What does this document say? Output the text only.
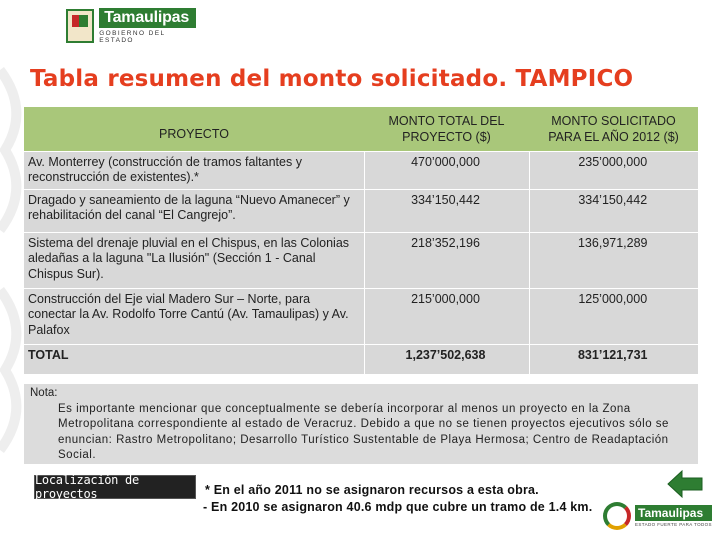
Tamaulipas
GOBIERNO DEL ESTADO
Tabla resumen del monto solicitado. TAMPICO
PROYECTO	MONTO TOTAL DEL PROYECTO ($)	MONTO SOLICITADO PARA EL AÑO 2012 ($)
Av. Monterrey (construcción de tramos faltantes y reconstrucción de existentes).*	470’000,000	235’000,000
Dragado y saneamiento de la laguna “Nuevo Amanecer” y rehabilitación del canal “El Cangrejo”.	334’150,442	334’150,442
Sistema del drenaje pluvial en el Chispus, en las Colonias aledañas a la laguna "La Ilusión" (Sección 1 - Canal Chispus Sur).	218’352,196	136,971,289
Construcción del Eje vial Madero Sur – Norte, para conectar la Av. Rodolfo Torre Cantú (Av. Tamaulipas) y Av. Palafox	215’000,000	125’000,000
TOTAL	1,237’502,638	831’121,731
Nota:
Es importante mencionar que conceptualmente se debería incorporar al menos un proyecto en la Zona Metropolitana correspondiente al estado de Veracruz. Debido a que no se tienen proyectos ejecutivos sólo se enuncian: Rastro Metropolitano; Desarrollo Turístico Sustentable de Playa Hermosa; Centro de Readaptación Social.
Localización de proyectos	* En el año 2011 no se asignaron recursos a esta obra.
- En 2010 se asignaron 40.6 mdp que cubre un tramo de 1.4 km.	Tamaulipas
ESTADO FUERTE PARA TODOS
